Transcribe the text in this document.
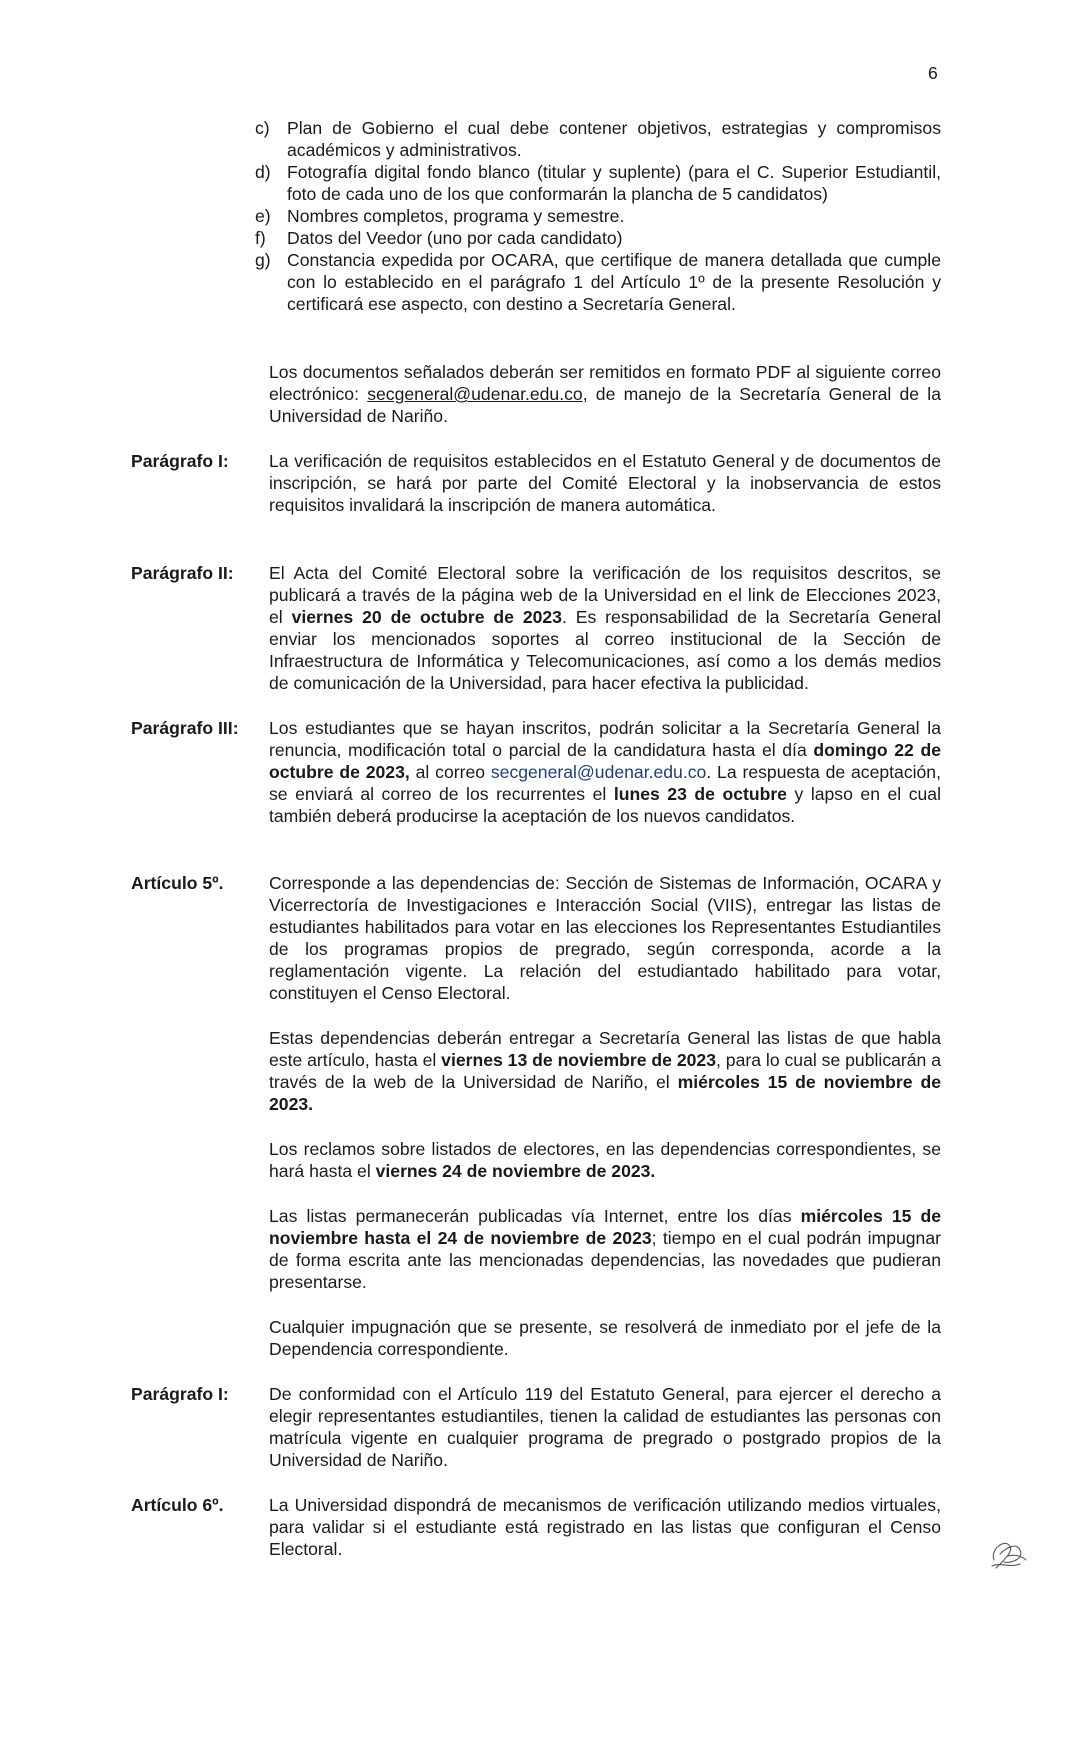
6
c) Plan de Gobierno el cual debe contener objetivos, estrategias y compromisos académicos y administrativos.
d) Fotografía digital fondo blanco (titular y suplente) (para el C. Superior Estudiantil, foto de cada uno de los que conformarán la plancha de 5 candidatos)
e) Nombres completos, programa y semestre.
f)	Datos del Veedor (uno por cada candidato)
g) Constancia expedida por OCARA, que certifique de manera detallada que cumple con lo establecido en el parágrafo 1 del Artículo 1º de la presente Resolución y certificará ese aspecto, con destino a Secretaría General.
Los documentos señalados deberán ser remitidos en formato PDF al siguiente correo electrónico: secgeneral@udenar.edu.co, de manejo de la Secretaría General de la Universidad de Nariño.
Parágrafo I:	La verificación de requisitos establecidos en el Estatuto General y de documentos de inscripción, se hará por parte del Comité Electoral y la inobservancia de estos requisitos invalidará la inscripción de manera automática.
Parágrafo II:	El Acta del Comité Electoral sobre la verificación de los requisitos descritos, se publicará a través de la página web de la Universidad en el link de Elecciones 2023, el viernes 20 de octubre de 2023. Es responsabilidad de la Secretaría General enviar los mencionados soportes al correo institucional de la Sección de Infraestructura de Informática y Telecomunicaciones, así como a los demás medios de comunicación de la Universidad, para hacer efectiva la publicidad.
Parágrafo III:	Los estudiantes que se hayan inscritos, podrán solicitar a la Secretaría General la renuncia, modificación total o parcial de la candidatura hasta el día domingo 22 de octubre de 2023, al correo secgeneral@udenar.edu.co. La respuesta de aceptación, se enviará al correo de los recurrentes el lunes 23 de octubre y lapso en el cual también deberá producirse la aceptación de los nuevos candidatos.
Artículo 5º.	Corresponde a las dependencias de: Sección de Sistemas de Información, OCARA y Vicerrectoría de Investigaciones e Interacción Social (VIIS), entregar las listas de estudiantes habilitados para votar en las elecciones los Representantes Estudiantiles de los programas propios de pregrado, según corresponda, acorde a la reglamentación vigente. La relación del estudiantado habilitado para votar, constituyen el Censo Electoral.
Estas dependencias deberán entregar a Secretaría General las listas de que habla este artículo, hasta el viernes 13 de noviembre de 2023, para lo cual se publicarán a través de la web de la Universidad de Nariño, el miércoles 15 de noviembre de 2023.
Los reclamos sobre listados de electores, en las dependencias correspondientes, se hará hasta el viernes 24 de noviembre de 2023.
Las listas permanecerán publicadas vía Internet, entre los días miércoles 15 de noviembre hasta el 24 de noviembre de 2023; tiempo en el cual podrán impugnar de forma escrita ante las mencionadas dependencias, las novedades que pudieran presentarse.
Cualquier impugnación que se presente, se resolverá de inmediato por el jefe de la Dependencia correspondiente.
Parágrafo I:	De conformidad con el Artículo 119 del Estatuto General, para ejercer el derecho a elegir representantes estudiantiles, tienen la calidad de estudiantes las personas con matrícula vigente en cualquier programa de pregrado o postgrado propios de la Universidad de Nariño.
Artículo 6º.	La Universidad dispondrá de mecanismos de verificación utilizando medios virtuales, para validar si el estudiante está registrado en las listas que configuran el Censo Electoral.
